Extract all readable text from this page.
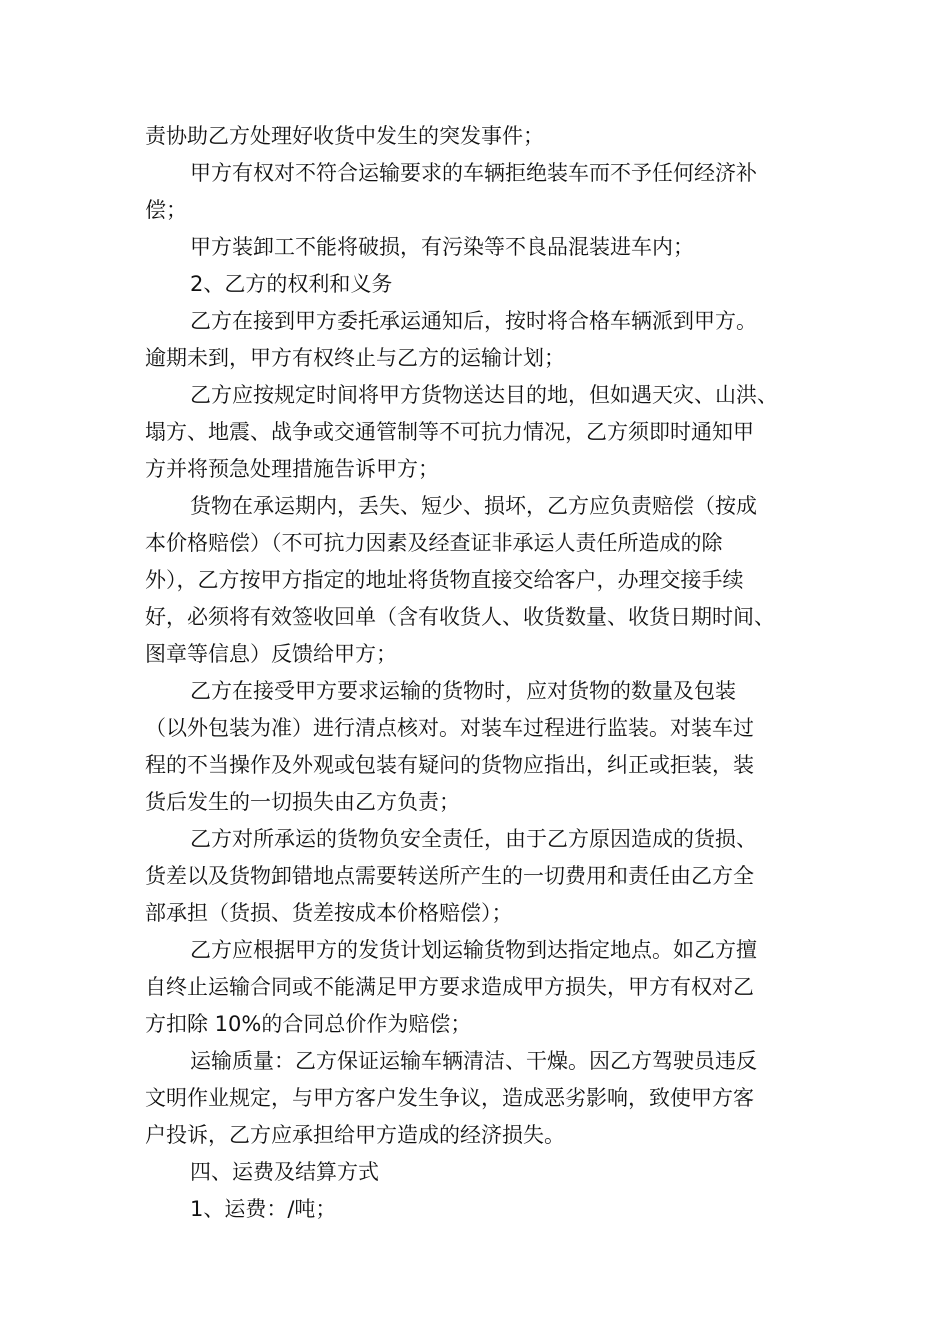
责协助乙方处理好收货中发生的突发事件；
甲方有权对不符合运输要求的车辆拒绝装车而不予任何经济补
偿；
甲方装卸工不能将破损，有污染等不良品混装进车内；
2、乙方的权利和义务
乙方在接到甲方委托承运通知后，按时将合格车辆派到甲方。
逾期未到，甲方有权终止与乙方的运输计划；
乙方应按规定时间将甲方货物送达目的地，但如遇天灾、山洪、
塌方、地震、战争或交通管制等不可抗力情况，乙方须即时通知甲
方并将预急处理措施告诉甲方；
货物在承运期内，丢失、短少、损坏，乙方应负责赔偿（按成
本价格赔偿）（不可抗力因素及经查证非承运人责任所造成的除
外），乙方按甲方指定的地址将货物直接交给客户，办理交接手续
好，必须将有效签收回单（含有收货人、收货数量、收货日期时间、
图章等信息）反馈给甲方；
乙方在接受甲方要求运输的货物时，应对货物的数量及包装
（以外包装为准）进行清点核对。对装车过程进行监装。对装车过
程的不当操作及外观或包装有疑问的货物应指出，纠正或拒装，装
货后发生的一切损失由乙方负责；
乙方对所承运的货物负安全责任，由于乙方原因造成的货损、
货差以及货物卸错地点需要转送所产生的一切费用和责任由乙方全
部承担（货损、货差按成本价格赔偿）；
乙方应根据甲方的发货计划运输货物到达指定地点。如乙方擅
自终止运输合同或不能满足甲方要求造成甲方损失，甲方有权对乙
方扣除 10%的合同总价作为赔偿；
运输质量：乙方保证运输车辆清洁、干燥。因乙方驾驶员违反
文明作业规定，与甲方客户发生争议，造成恶劣影响，致使甲方客
户投诉，乙方应承担给甲方造成的经济损失。
四、运费及结算方式
1、运费：/吨；
